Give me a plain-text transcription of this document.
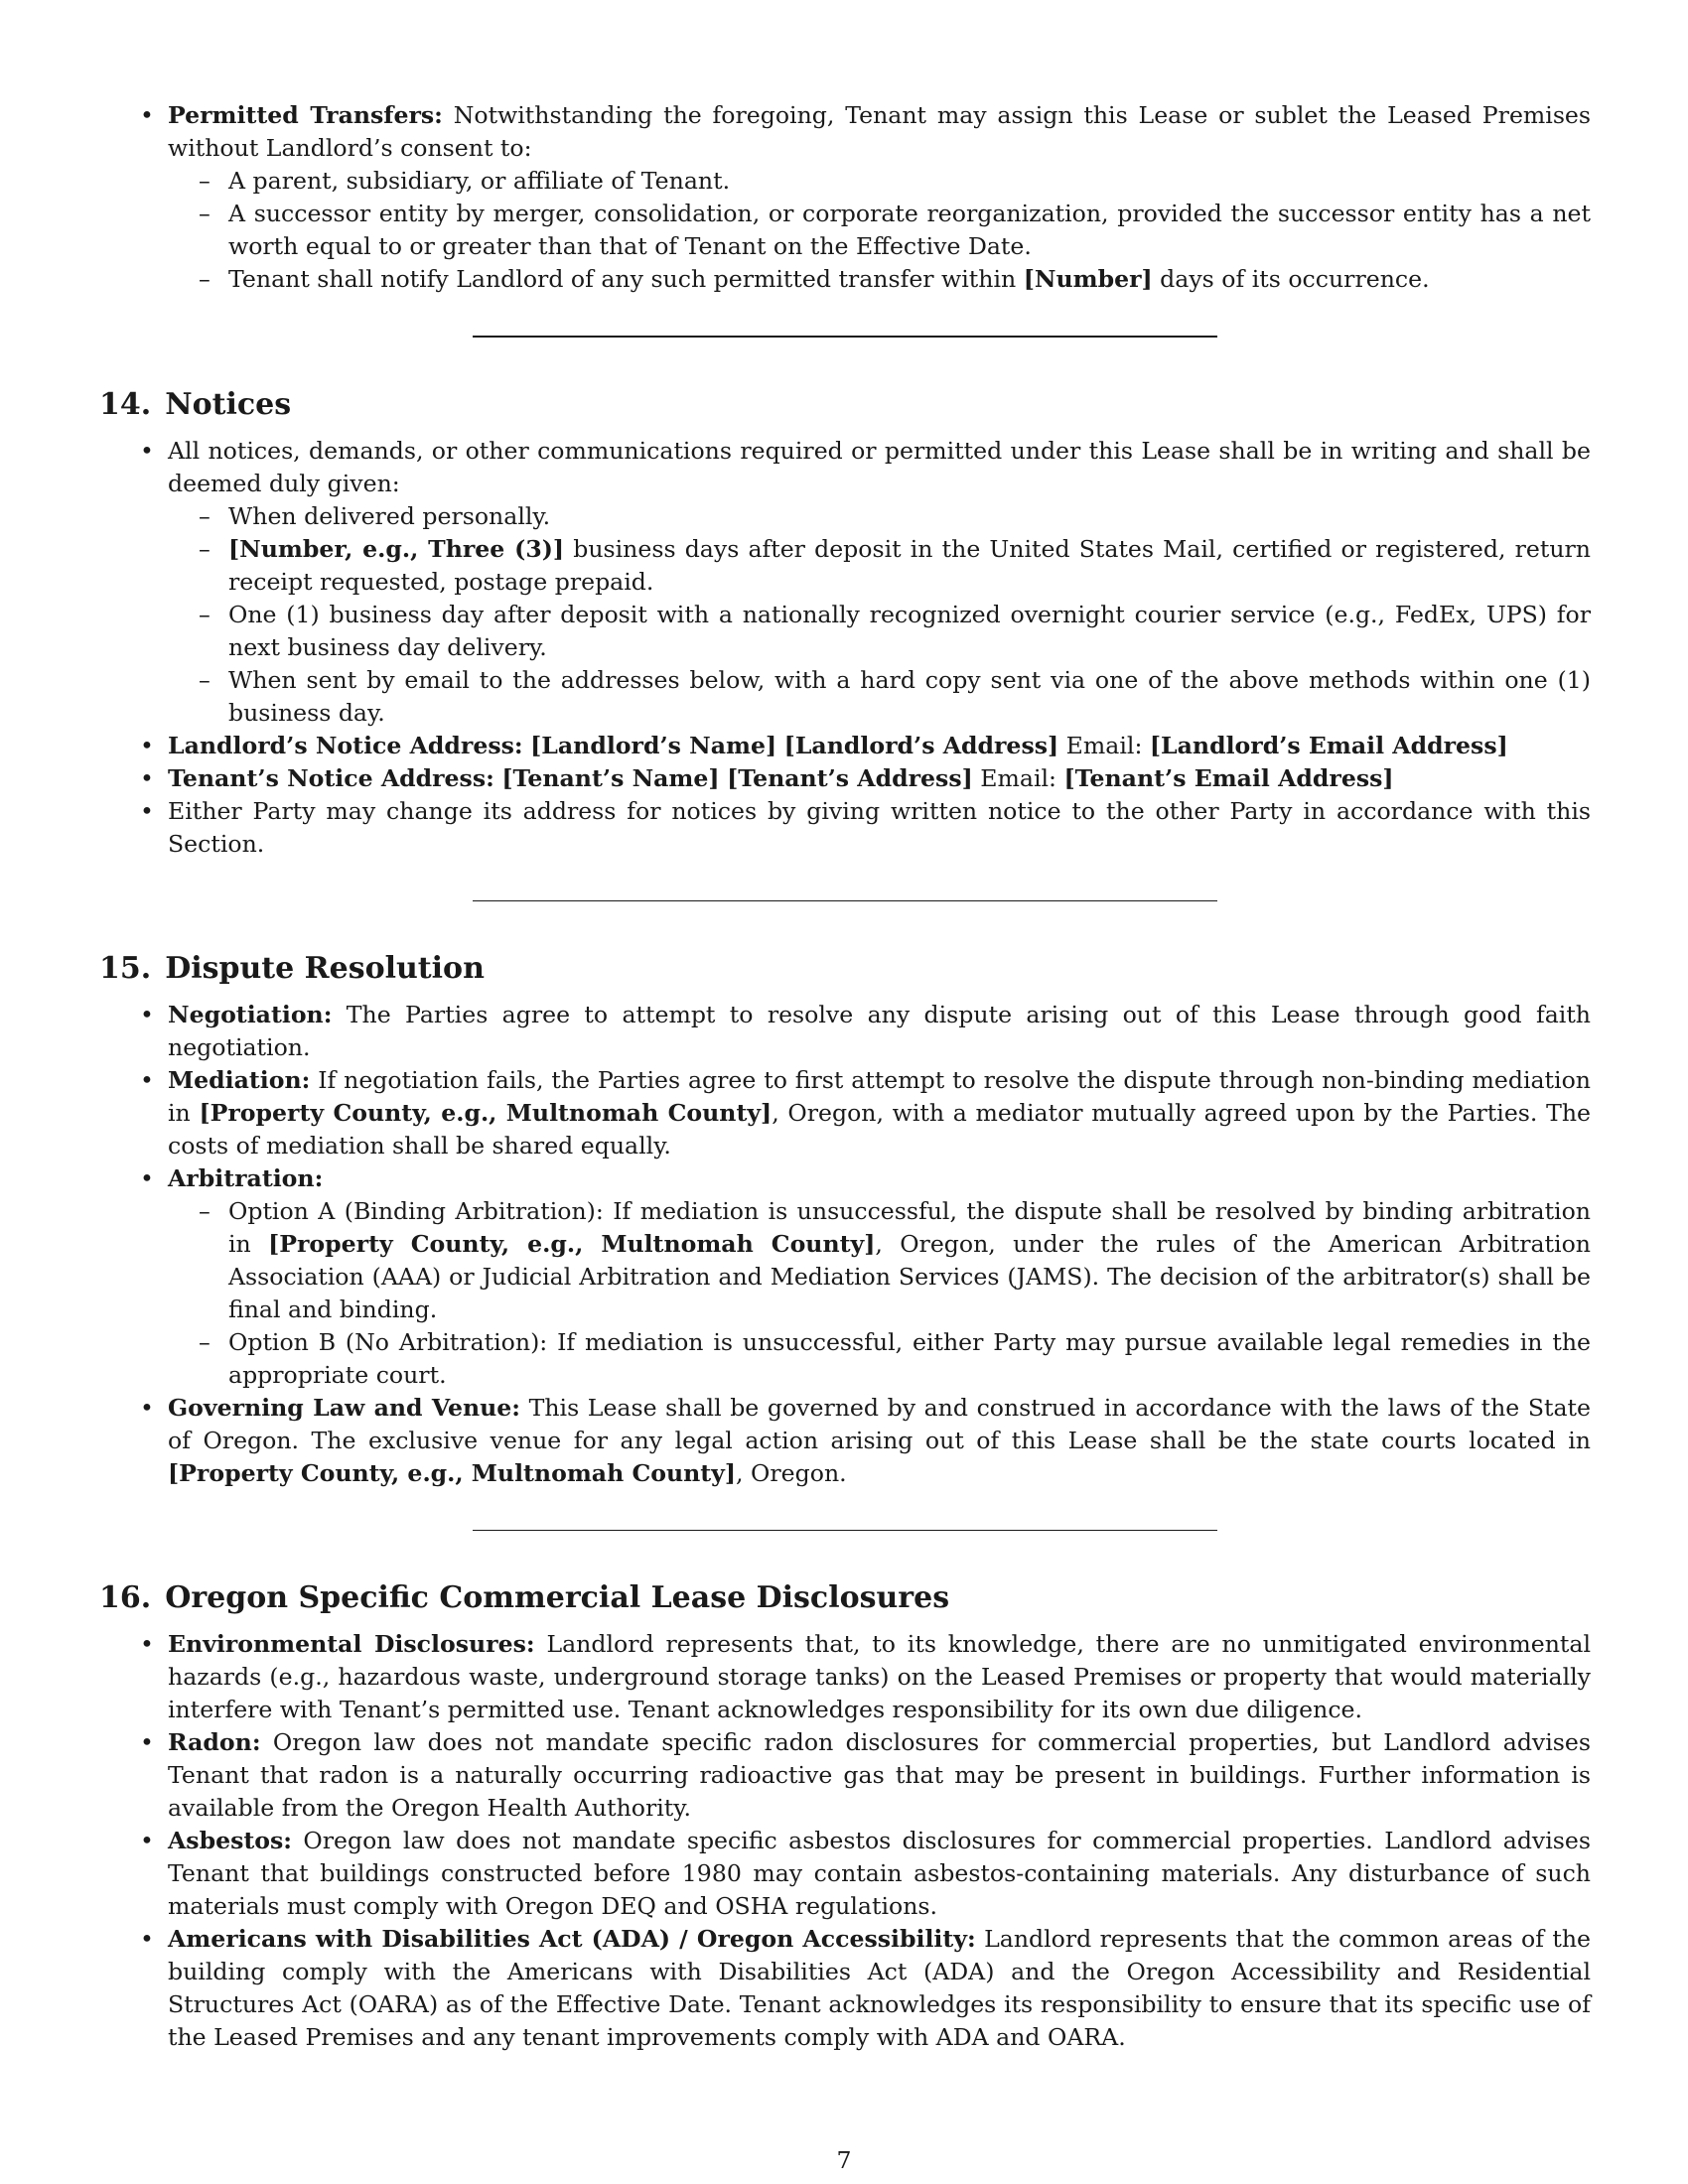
• Permitted Transfers: Notwithstanding the foregoing, Tenant may assign this Lease or sublet the Leased Premises without Landlord’s consent to:
– A parent, subsidiary, or affiliate of Tenant.
– A successor entity by merger, consolidation, or corporate reorganization, provided the successor entity has a net worth equal to or greater than that of Tenant on the Effective Date.
– Tenant shall notify Landlord of any such permitted transfer within [Number] days of its occurrence.
14. Notices
• All notices, demands, or other communications required or permitted under this Lease shall be in writing and shall be deemed duly given:
– When delivered personally.
– [Number, e.g., Three (3)] business days after deposit in the United States Mail, certified or registered, return receipt requested, postage prepaid.
– One (1) business day after deposit with a nationally recognized overnight courier service (e.g., FedEx, UPS) for next business day delivery.
– When sent by email to the addresses below, with a hard copy sent via one of the above methods within one (1) business day.
• Landlord’s Notice Address: [Landlord’s Name] [Landlord’s Address] Email: [Landlord’s Email Address]
• Tenant’s Notice Address: [Tenant’s Name] [Tenant’s Address] Email: [Tenant’s Email Address]
• Either Party may change its address for notices by giving written notice to the other Party in accordance with this Section.
15. Dispute Resolution
• Negotiation: The Parties agree to attempt to resolve any dispute arising out of this Lease through good faith negotiation.
• Mediation: If negotiation fails, the Parties agree to first attempt to resolve the dispute through non-binding mediation in [Property County, e.g., Multnomah County], Oregon, with a mediator mutually agreed upon by the Parties. The costs of mediation shall be shared equally.
• Arbitration:
– Option A (Binding Arbitration): If mediation is unsuccessful, the dispute shall be resolved by binding arbitration in [Property County, e.g., Multnomah County], Oregon, under the rules of the American Arbitration Association (AAA) or Judicial Arbitration and Mediation Services (JAMS). The decision of the arbitrator(s) shall be final and binding.
– Option B (No Arbitration): If mediation is unsuccessful, either Party may pursue available legal remedies in the appropriate court.
• Governing Law and Venue: This Lease shall be governed by and construed in accordance with the laws of the State of Oregon. The exclusive venue for any legal action arising out of this Lease shall be the state courts located in [Property County, e.g., Multnomah County], Oregon.
16. Oregon Specific Commercial Lease Disclosures
• Environmental Disclosures: Landlord represents that, to its knowledge, there are no unmitigated environmental hazards (e.g., hazardous waste, underground storage tanks) on the Leased Premises or property that would materially interfere with Tenant’s permitted use. Tenant acknowledges responsibility for its own due diligence.
• Radon: Oregon law does not mandate specific radon disclosures for commercial properties, but Landlord advises Tenant that radon is a naturally occurring radioactive gas that may be present in buildings. Further information is available from the Oregon Health Authority.
• Asbestos: Oregon law does not mandate specific asbestos disclosures for commercial properties. Landlord advises Tenant that buildings constructed before 1980 may contain asbestos-containing materials. Any disturbance of such materials must comply with Oregon DEQ and OSHA regulations.
• Americans with Disabilities Act (ADA) / Oregon Accessibility: Landlord represents that the common areas of the building comply with the Americans with Disabilities Act (ADA) and the Oregon Accessibility and Residential Structures Act (OARA) as of the Effective Date. Tenant acknowledges its responsibility to ensure that its specific use of the Leased Premises and any tenant improvements comply with ADA and OARA.
7
